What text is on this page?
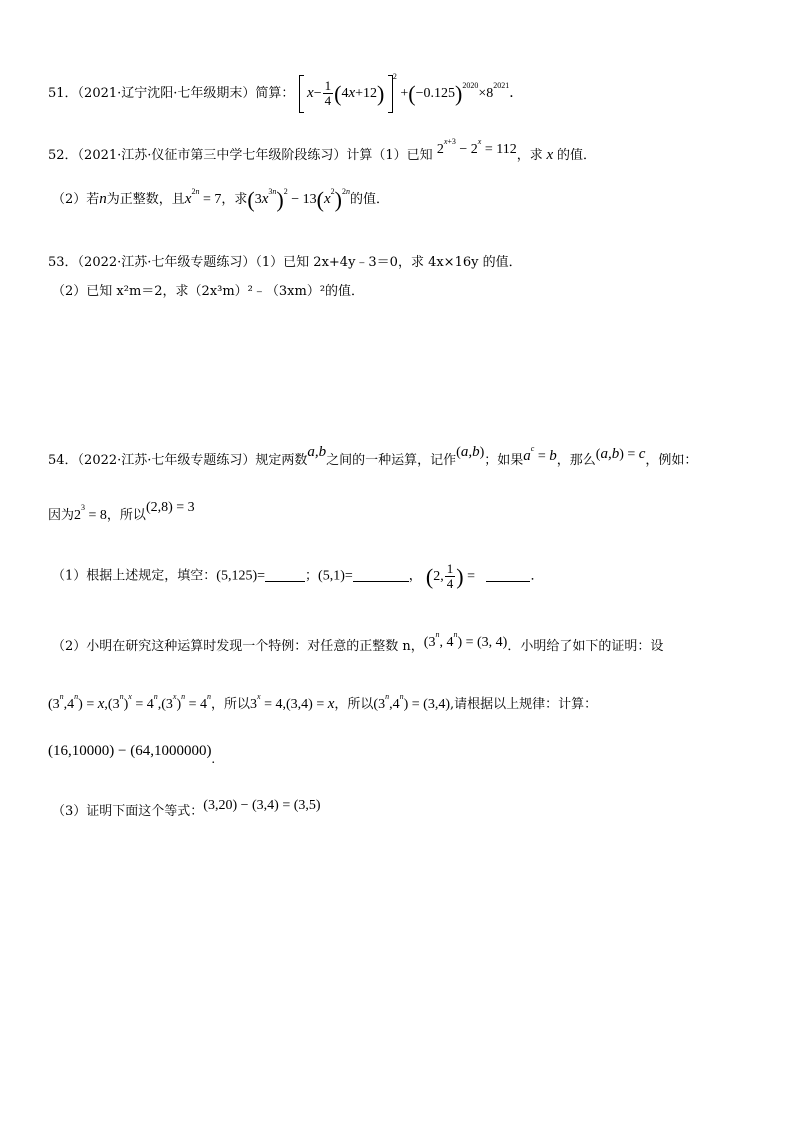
51．（2021·辽宁沈阳·七年级期末）简算： $x- \frac{1}{4} (4x+12)$ $^2 +(-0.125)^{2020}\times 8^{2021}$．
52．（2021·江苏·仪征市第三中学七年级阶段练习）计算（1）已知 $2^{x+3} - 2^x = 112$，求 x 的值．
（2）若n为正整数，且$x^{2n} = 7$，求$(3x^{3n})^2 - 13(x^2)^{2n}$的值．
53．（2022·江苏·七年级专题练习）（1）已知 2x+4y﹣3＝0，求 4x×16y 的值．
（2）已知 x²m＝2，求（2x³m）²﹣（3xm）²的值．
54．（2022·江苏·七年级专题练习）规定两数a,b之间的一种运算，记作(a,b)；如果$a^c = b$，那么(a,b) = c，例如：
因为$2^3 = 8$，所以(2,8) = 3
（1）根据上述规定，填空：(5,125)=	；(5,1)=	， (2, $\frac{1}{4}$ ) =	．
（2）小明在研究这种运算时发现一个特例：对任意的正整数 n，(3$^n$, $4^n) = (3$, 4)．小明给了如下的证明：设
$(3^n,4^n) = x,(3^n)^x = 4^n,(3^x)^n = 4^n$，所以$3^x = 4,(3,4) = x$，所以$(3^n,4^n) = (3,4)$,请根据以上规律：计算：
(16,10000) − (64,1000000).
（3）证明下面这个等式：(3,20) − (3,4) = (3,5)
